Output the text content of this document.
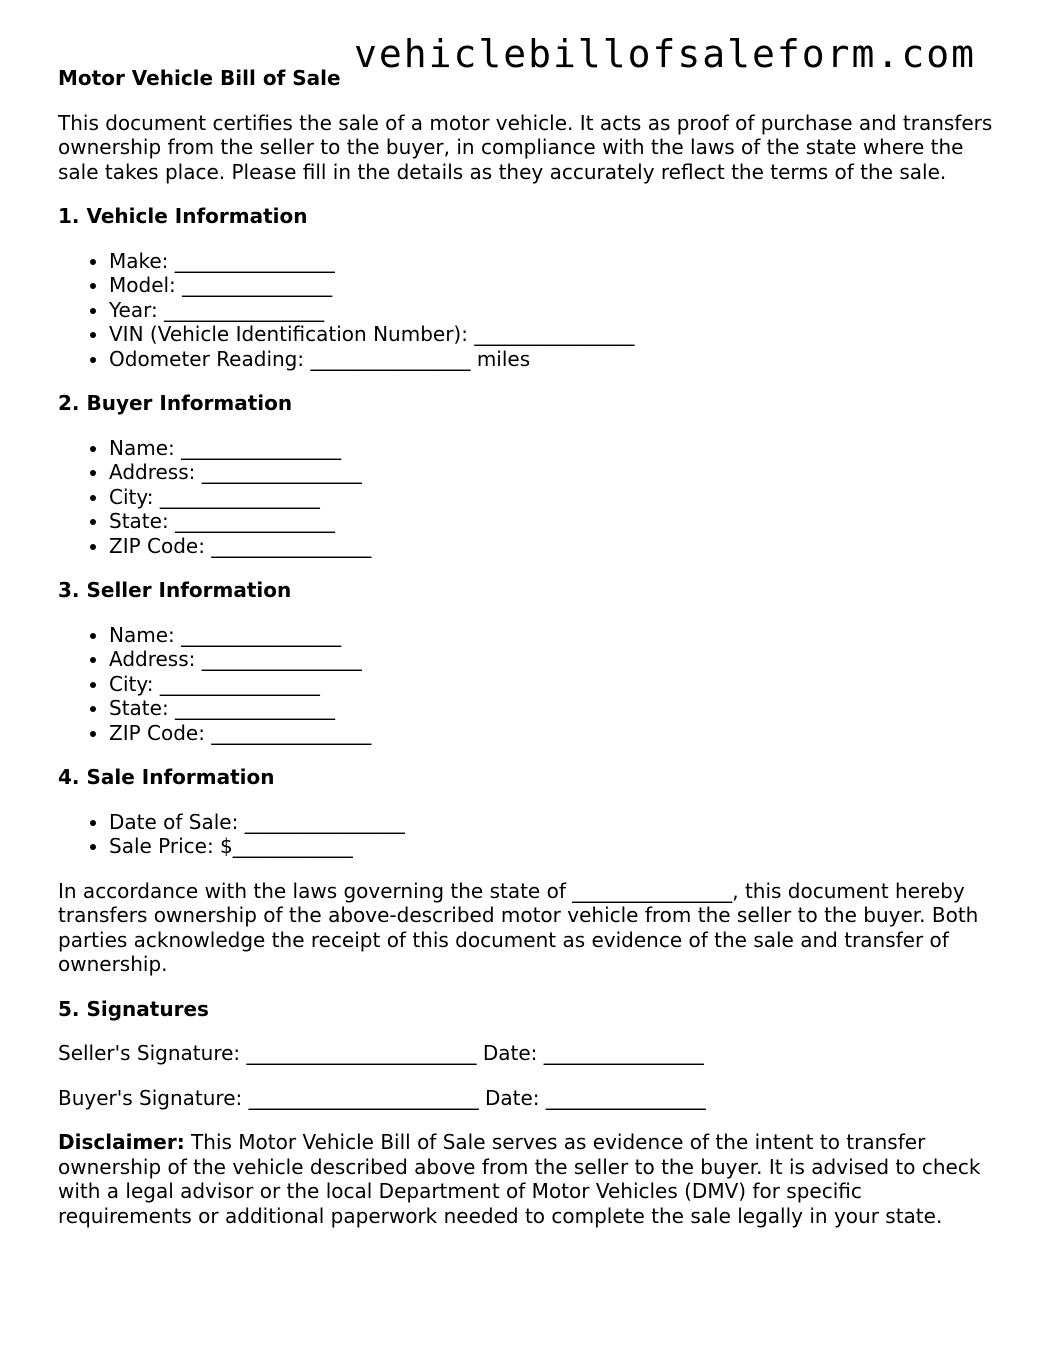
vehiclebillofsaleform.com
Motor Vehicle Bill of Sale

This document certifies the sale of a motor vehicle. It acts as proof of purchase and transfers ownership from the seller to the buyer, in compliance with the laws of the state where the sale takes place. Please fill in the details as they accurately reflect the terms of the sale.

1. Vehicle Information
• Make: ________________
• Model: _______________
• Year: ________________
• VIN (Vehicle Identification Number): ________________
• Odometer Reading: ________________ miles
2. Buyer Information
• Name: ________________
• Address: ________________
• City: ________________
• State: ________________
• ZIP Code: ________________
3. Seller Information
• Name: ________________
• Address: ________________
• City: ________________
• State: ________________
• ZIP Code: ________________
4. Sale Information
• Date of Sale: ________________
• Sale Price: $____________

In accordance with the laws governing the state of ________________, this document hereby transfers ownership of the above-described motor vehicle from the seller to the buyer. Both parties acknowledge the receipt of this document as evidence of the sale and transfer of ownership.

5. Signatures
Seller's Signature: _______________________ Date: ________________
Buyer's Signature: _______________________ Date: ________________

Disclaimer: This Motor Vehicle Bill of Sale serves as evidence of the intent to transfer ownership of the vehicle described above from the seller to the buyer. It is advised to check with a legal advisor or the local Department of Motor Vehicles (DMV) for specific requirements or additional paperwork needed to complete the sale legally in your state.
